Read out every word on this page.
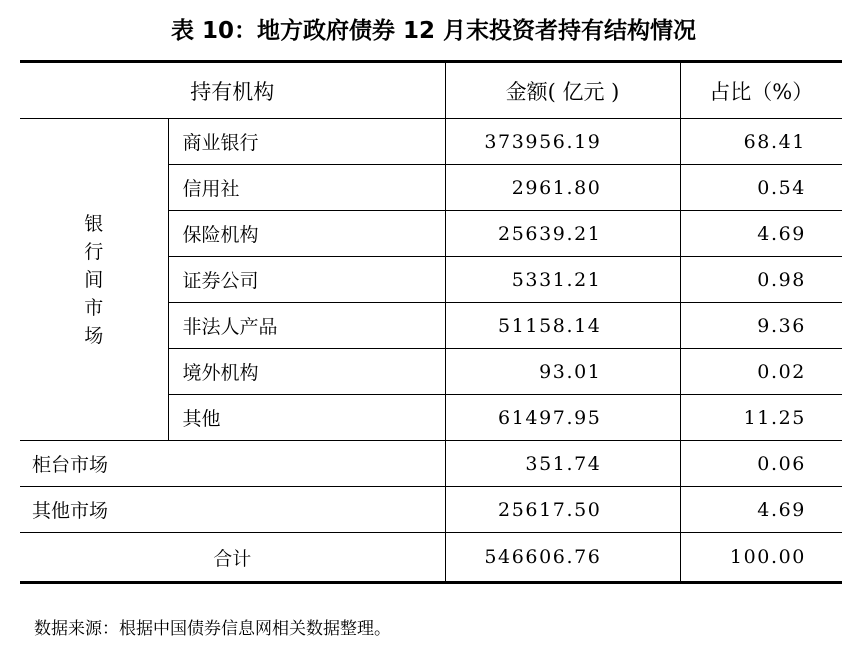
表 10：地方政府债券 12 月末投资者持有结构情况
持有机构		金额( 亿元 )	占比（%）

银行间市场	商业银行	373956.19	68.41
	信用社	2961.80	0.54
	保险机构	25639.21	4.69
	证券公司	5331.21	0.98
	非法人产品	51158.14	9.36
	境外机构	93.01	0.02
	其他	61497.95	11.25
柜台市场		351.74	0.06
其他市场		25617.50	4.69
合计		546606.76	100.00
数据来源：根据中国债券信息网相关数据整理。
